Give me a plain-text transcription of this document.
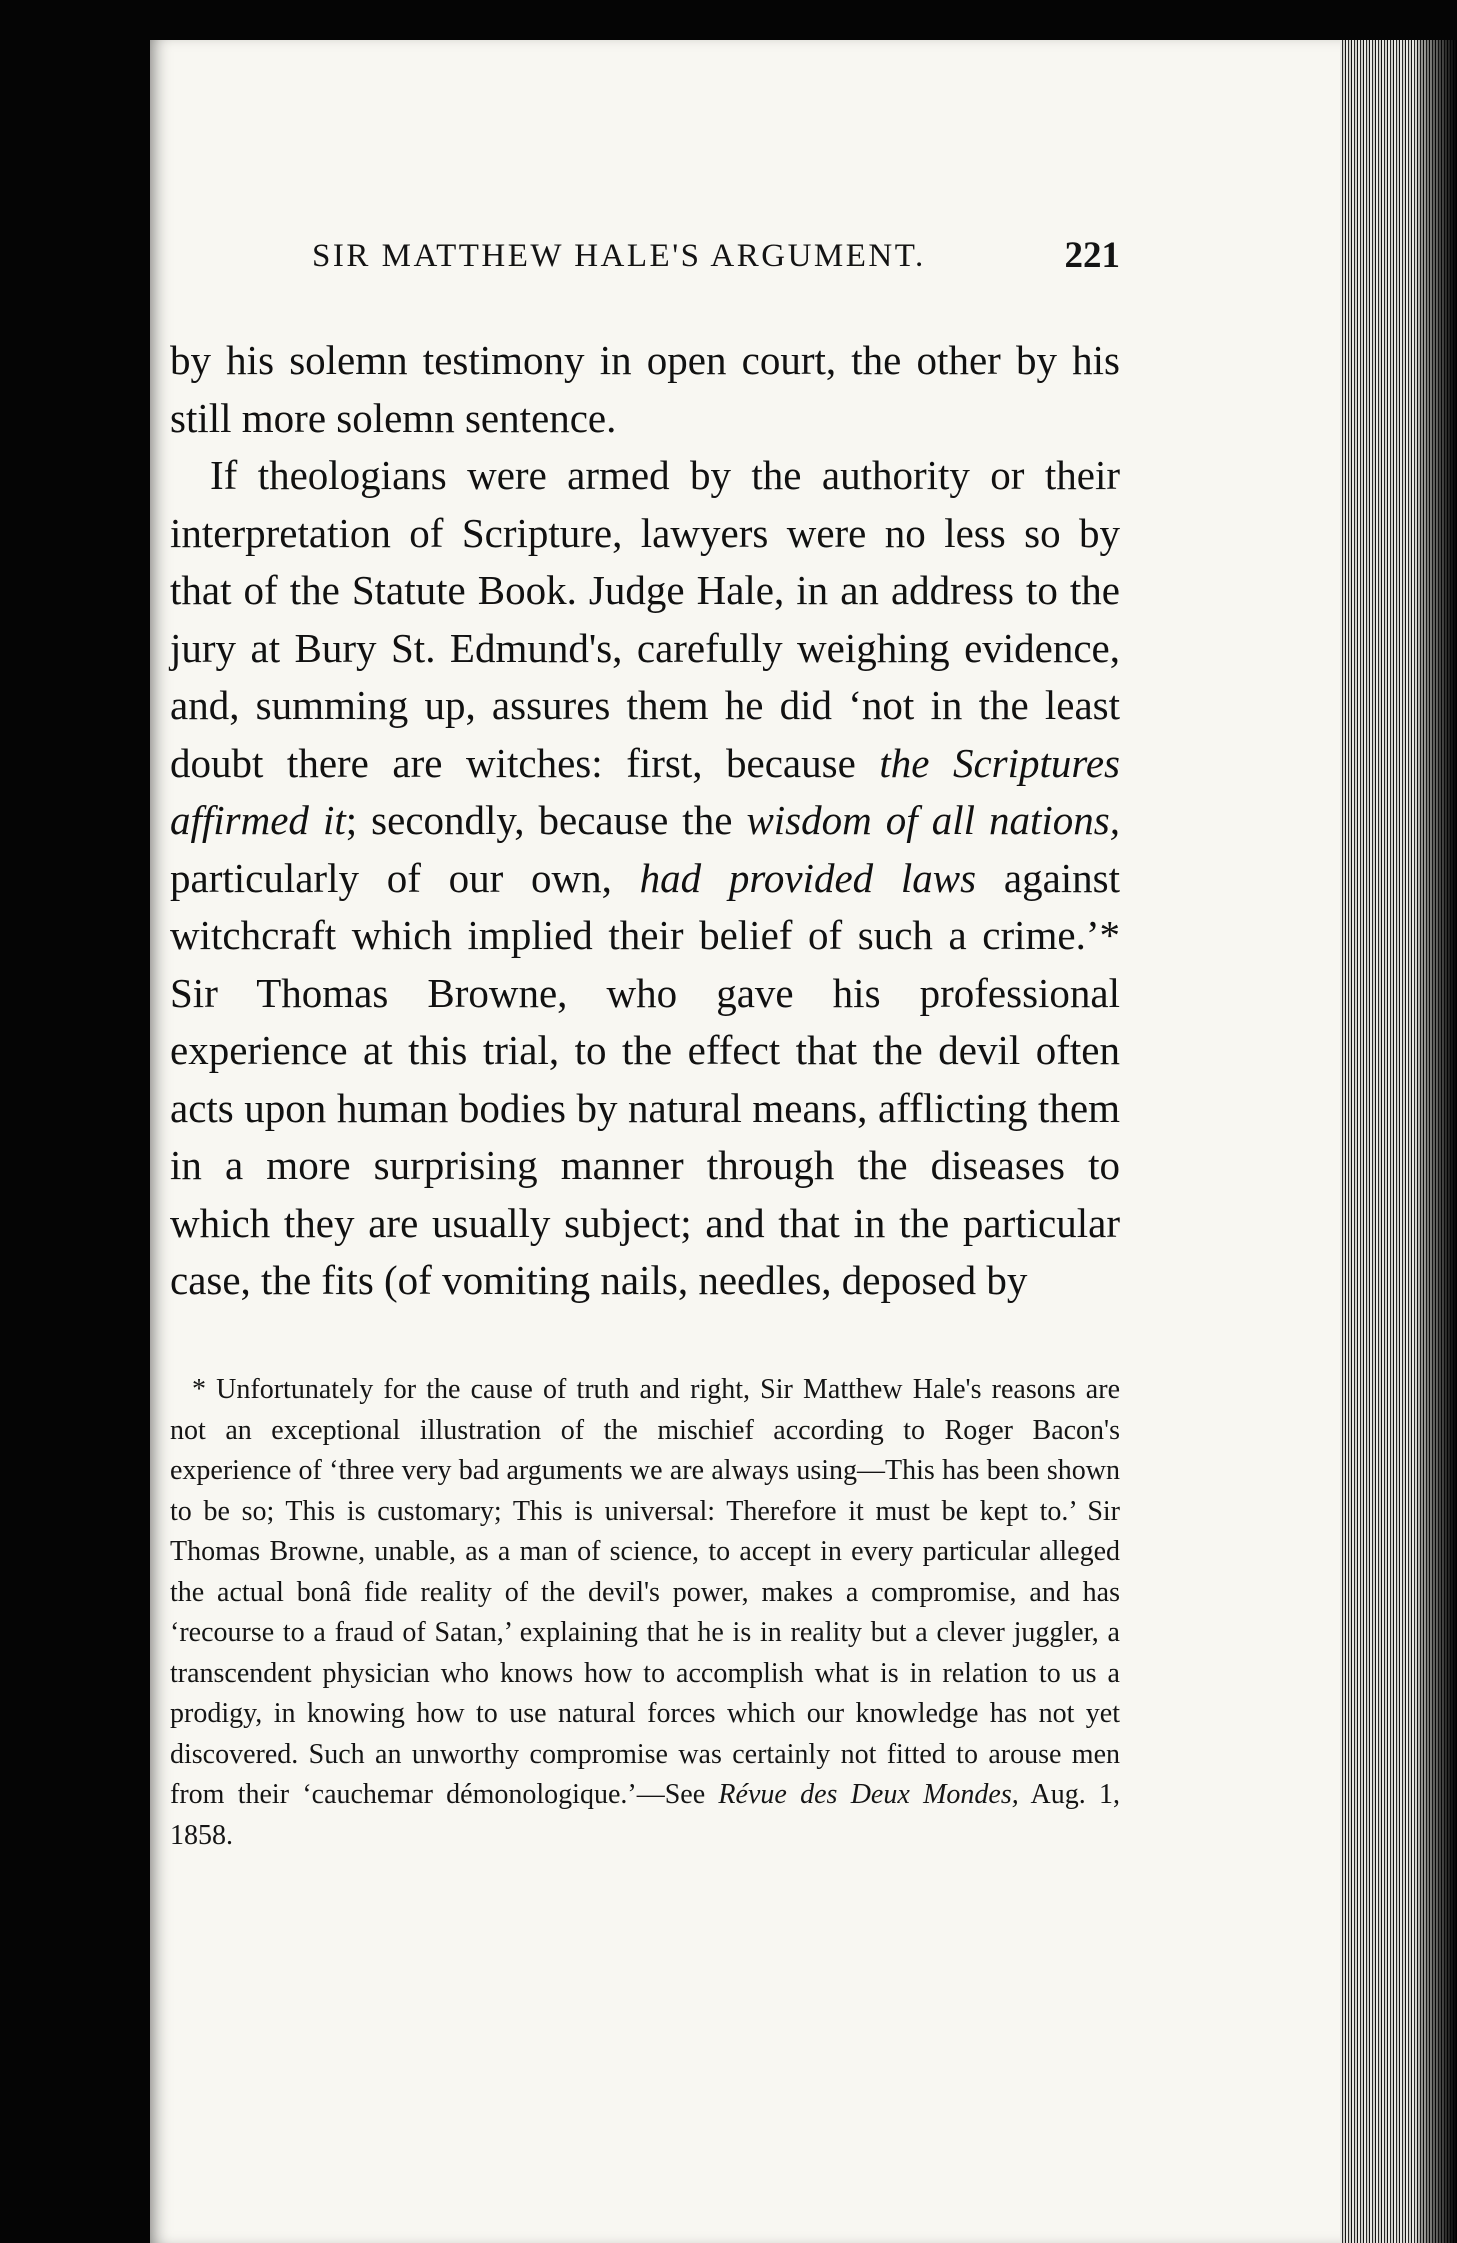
SIR MATTHEW HALE'S ARGUMENT.	221

by his solemn testimony in open court, the other by his still more solemn sentence.

If theologians were armed by the authority or their interpretation of Scripture, lawyers were no less so by that of the Statute Book. Judge Hale, in an address to the jury at Bury St. Edmund's, carefully weighing evidence, and, summing up, assures them he did ‘not in the least doubt there are witches: first, because the Scriptures affirmed it; secondly, because the wisdom of all nations, particularly of our own, had provided laws against witchcraft which implied their belief of such a crime.’* Sir Thomas Browne, who gave his professional experience at this trial, to the effect that the devil often acts upon human bodies by natural means, afflicting them in a more surprising manner through the diseases to which they are usually subject; and that in the particular case, the fits (of vomiting nails, needles, deposed by

* Unfortunately for the cause of truth and right, Sir Matthew Hale's reasons are not an exceptional illustration of the mischief according to Roger Bacon's experience of ‘three very bad arguments we are always using—This has been shown to be so; This is customary; This is universal: Therefore it must be kept to.’ Sir Thomas Browne, unable, as a man of science, to accept in every particular alleged the actual bonâ fide reality of the devil's power, makes a compromise, and has ‘recourse to a fraud of Satan,’ explaining that he is in reality but a clever juggler, a transcendent physician who knows how to accomplish what is in relation to us a prodigy, in knowing how to use natural forces which our knowledge has not yet discovered. Such an unworthy compromise was certainly not fitted to arouse men from their ‘cauchemar démonologique.’—See Révue des Deux Mondes, Aug. 1, 1858.
